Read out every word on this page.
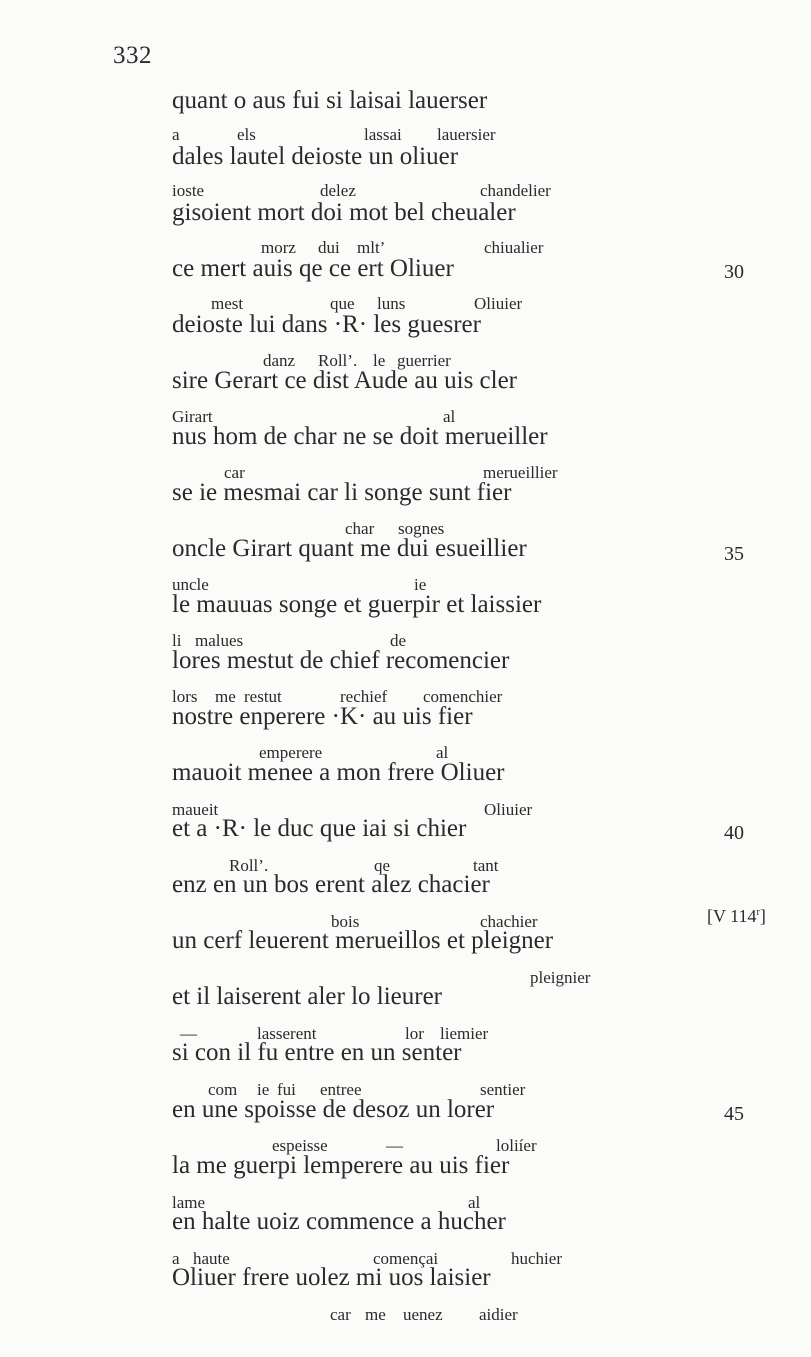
332
quant o aus fui si laisai lauerser
a	els	lassai lauersier
dales lautel deioste un oliuer
ioste	delez	chandelier
gisoient mort doi mot bel cheualer
morz dui mlt’	chiualier
ce mert auis qe ce ert Oliuer
mest	que luns	Oliuier
30
deioste lui dans ·R· les guesrer
danz Roll’. le guerrier
sire Gerart ce dist Aude au uis cler
Girart	al
nus hom de char ne se doit merueiller
car	merueillier
se ie mesmai car li songe sunt fier
char sognes
oncle Girart quant me dui esueillier
uncle	ie
35
le mauuas songe et guerpir et laissier
li malues	de
lores mestut de chief recomencier
lors me restut	rechief comenchier
nostre enperere ·K· au uis fier
emperere	al
mauoit menee a mon frere Oliuer
maueit	Oliuier
et a ·R· le duc que iai si chier
Roll’.	qe	tant
40
enz en un bos erent alez chacier
bois	chachier	[V 114$^r$]
un cerf leuerent merueillos et pleigner
pleignier
et il laiserent aler lo lieurer
—	lasserent	lor liemier
si con il fu entre en un senter
com ie fui entree	sentier
en une spoisse de desoz un lorer
espeisse	—	loliíer
45
la me guerpi lemperere au uis fier
lame	al
en halte uoiz commence a hucher
a haute	començai	huchier
Oliuer frere uolez mi uos laisier
car me uenez aidier
